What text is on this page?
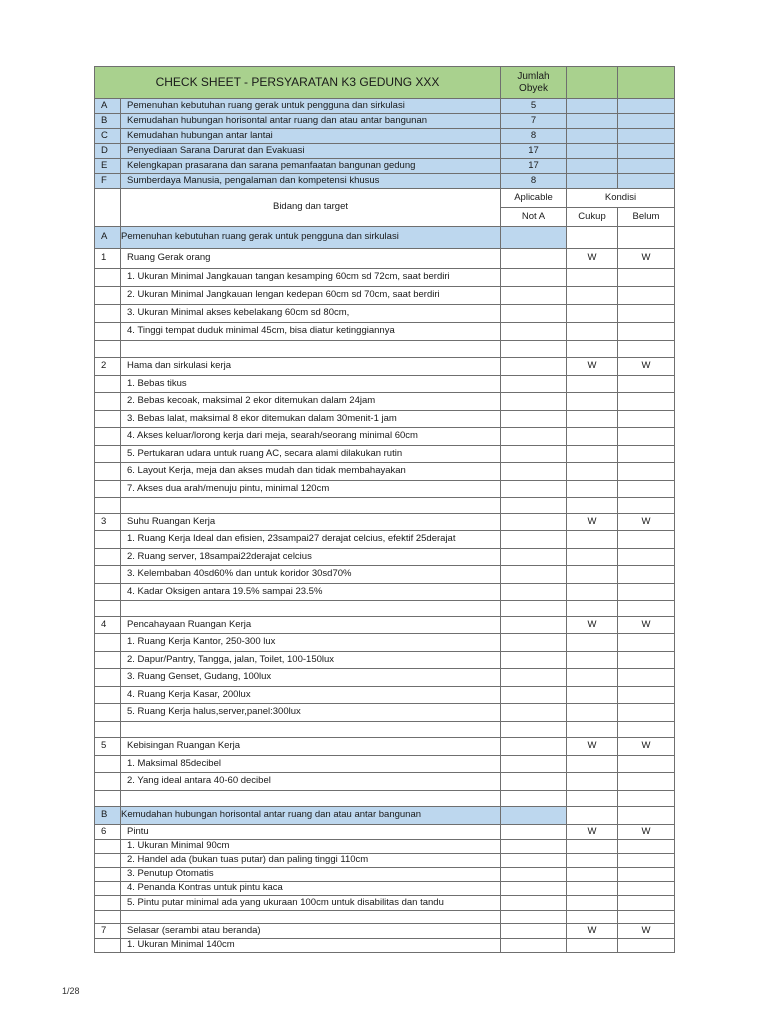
CHECK SHEET - PERSYARATAN K3 GEDUNG XXX		Jumlah
Obyek		
A	Pemenuhan kebutuhan ruang gerak untuk pengguna dan sirkulasi	5		
B	Kemudahan hubungan horisontal antar ruang dan atau antar bangunan	7		
C	Kemudahan hubungan antar lantai	8		
D	Penyediaan Sarana Darurat dan Evakuasi	17		
E	Kelengkapan prasarana dan sarana pemanfaatan bangunan gedung	17		
F	Sumberdaya Manusia, pengalaman dan kompetensi khusus	8		
	Bidang dan target	Aplicable	Kondisi	
		Not A	Cukup	Belum
A	Pemenuhan kebutuhan ruang gerak untuk pengguna dan sirkulasi			
1	Ruang Gerak orang		W	W
	1. Ukuran Minimal Jangkauan tangan kesamping 60cm sd 72cm, saat berdiri			
	2. Ukuran Minimal Jangkauan lengan kedepan 60cm sd 70cm, saat berdiri			
	3. Ukuran Minimal akses kebelakang 60cm sd 80cm,			
	4. Tinggi tempat duduk minimal 45cm, bisa diatur ketinggiannya			

2	Hama dan sirkulasi kerja		W	W
	1. Bebas tikus			
	2. Bebas kecoak, maksimal 2 ekor ditemukan dalam 24jam			
	3. Bebas lalat, maksimal 8 ekor ditemukan dalam 30menit-1 jam			
	4. Akses keluar/lorong kerja dari meja, searah/seorang minimal 60cm			
	5. Pertukaran udara untuk ruang AC, secara alami dilakukan rutin			
	6. Layout Kerja, meja dan akses mudah dan tidak membahayakan			
	7. Akses dua arah/menuju pintu, minimal 120cm			

3	Suhu Ruangan Kerja		W	W
	1. Ruang Kerja Ideal dan efisien, 23sampai27 derajat celcius, efektif 25derajat			
	2. Ruang server, 18sampai22derajat celcius			
	3. Kelembaban 40sd60% dan untuk koridor 30sd70%			
	4. Kadar Oksigen antara 19.5% sampai 23.5%			

4	Pencahayaan Ruangan Kerja		W	W
	1. Ruang Kerja Kantor, 250-300 lux			
	2. Dapur/Pantry, Tangga, jalan, Toilet, 100-150lux			
	3. Ruang Genset, Gudang, 100lux			
	4. Ruang Kerja Kasar, 200lux			
	5. Ruang Kerja halus,server,panel:300lux			

5	Kebisingan Ruangan Kerja		W	W
	1. Maksimal 85decibel			
	2. Yang ideal antara 40-60 decibel			

B	Kemudahan hubungan horisontal antar ruang dan atau antar bangunan			
6	Pintu		W	W
	1. Ukuran Minimal 90cm			
	2. Handel ada (bukan tuas putar) dan paling tinggi 110cm			
	3. Penutup Otomatis			
	4. Penanda Kontras untuk pintu kaca			
	5. Pintu putar minimal ada yang ukuraan 100cm untuk disabilitas dan tandu			

7	Selasar (serambi atau beranda)		W	W
	1. Ukuran Minimal 140cm			
1/28
